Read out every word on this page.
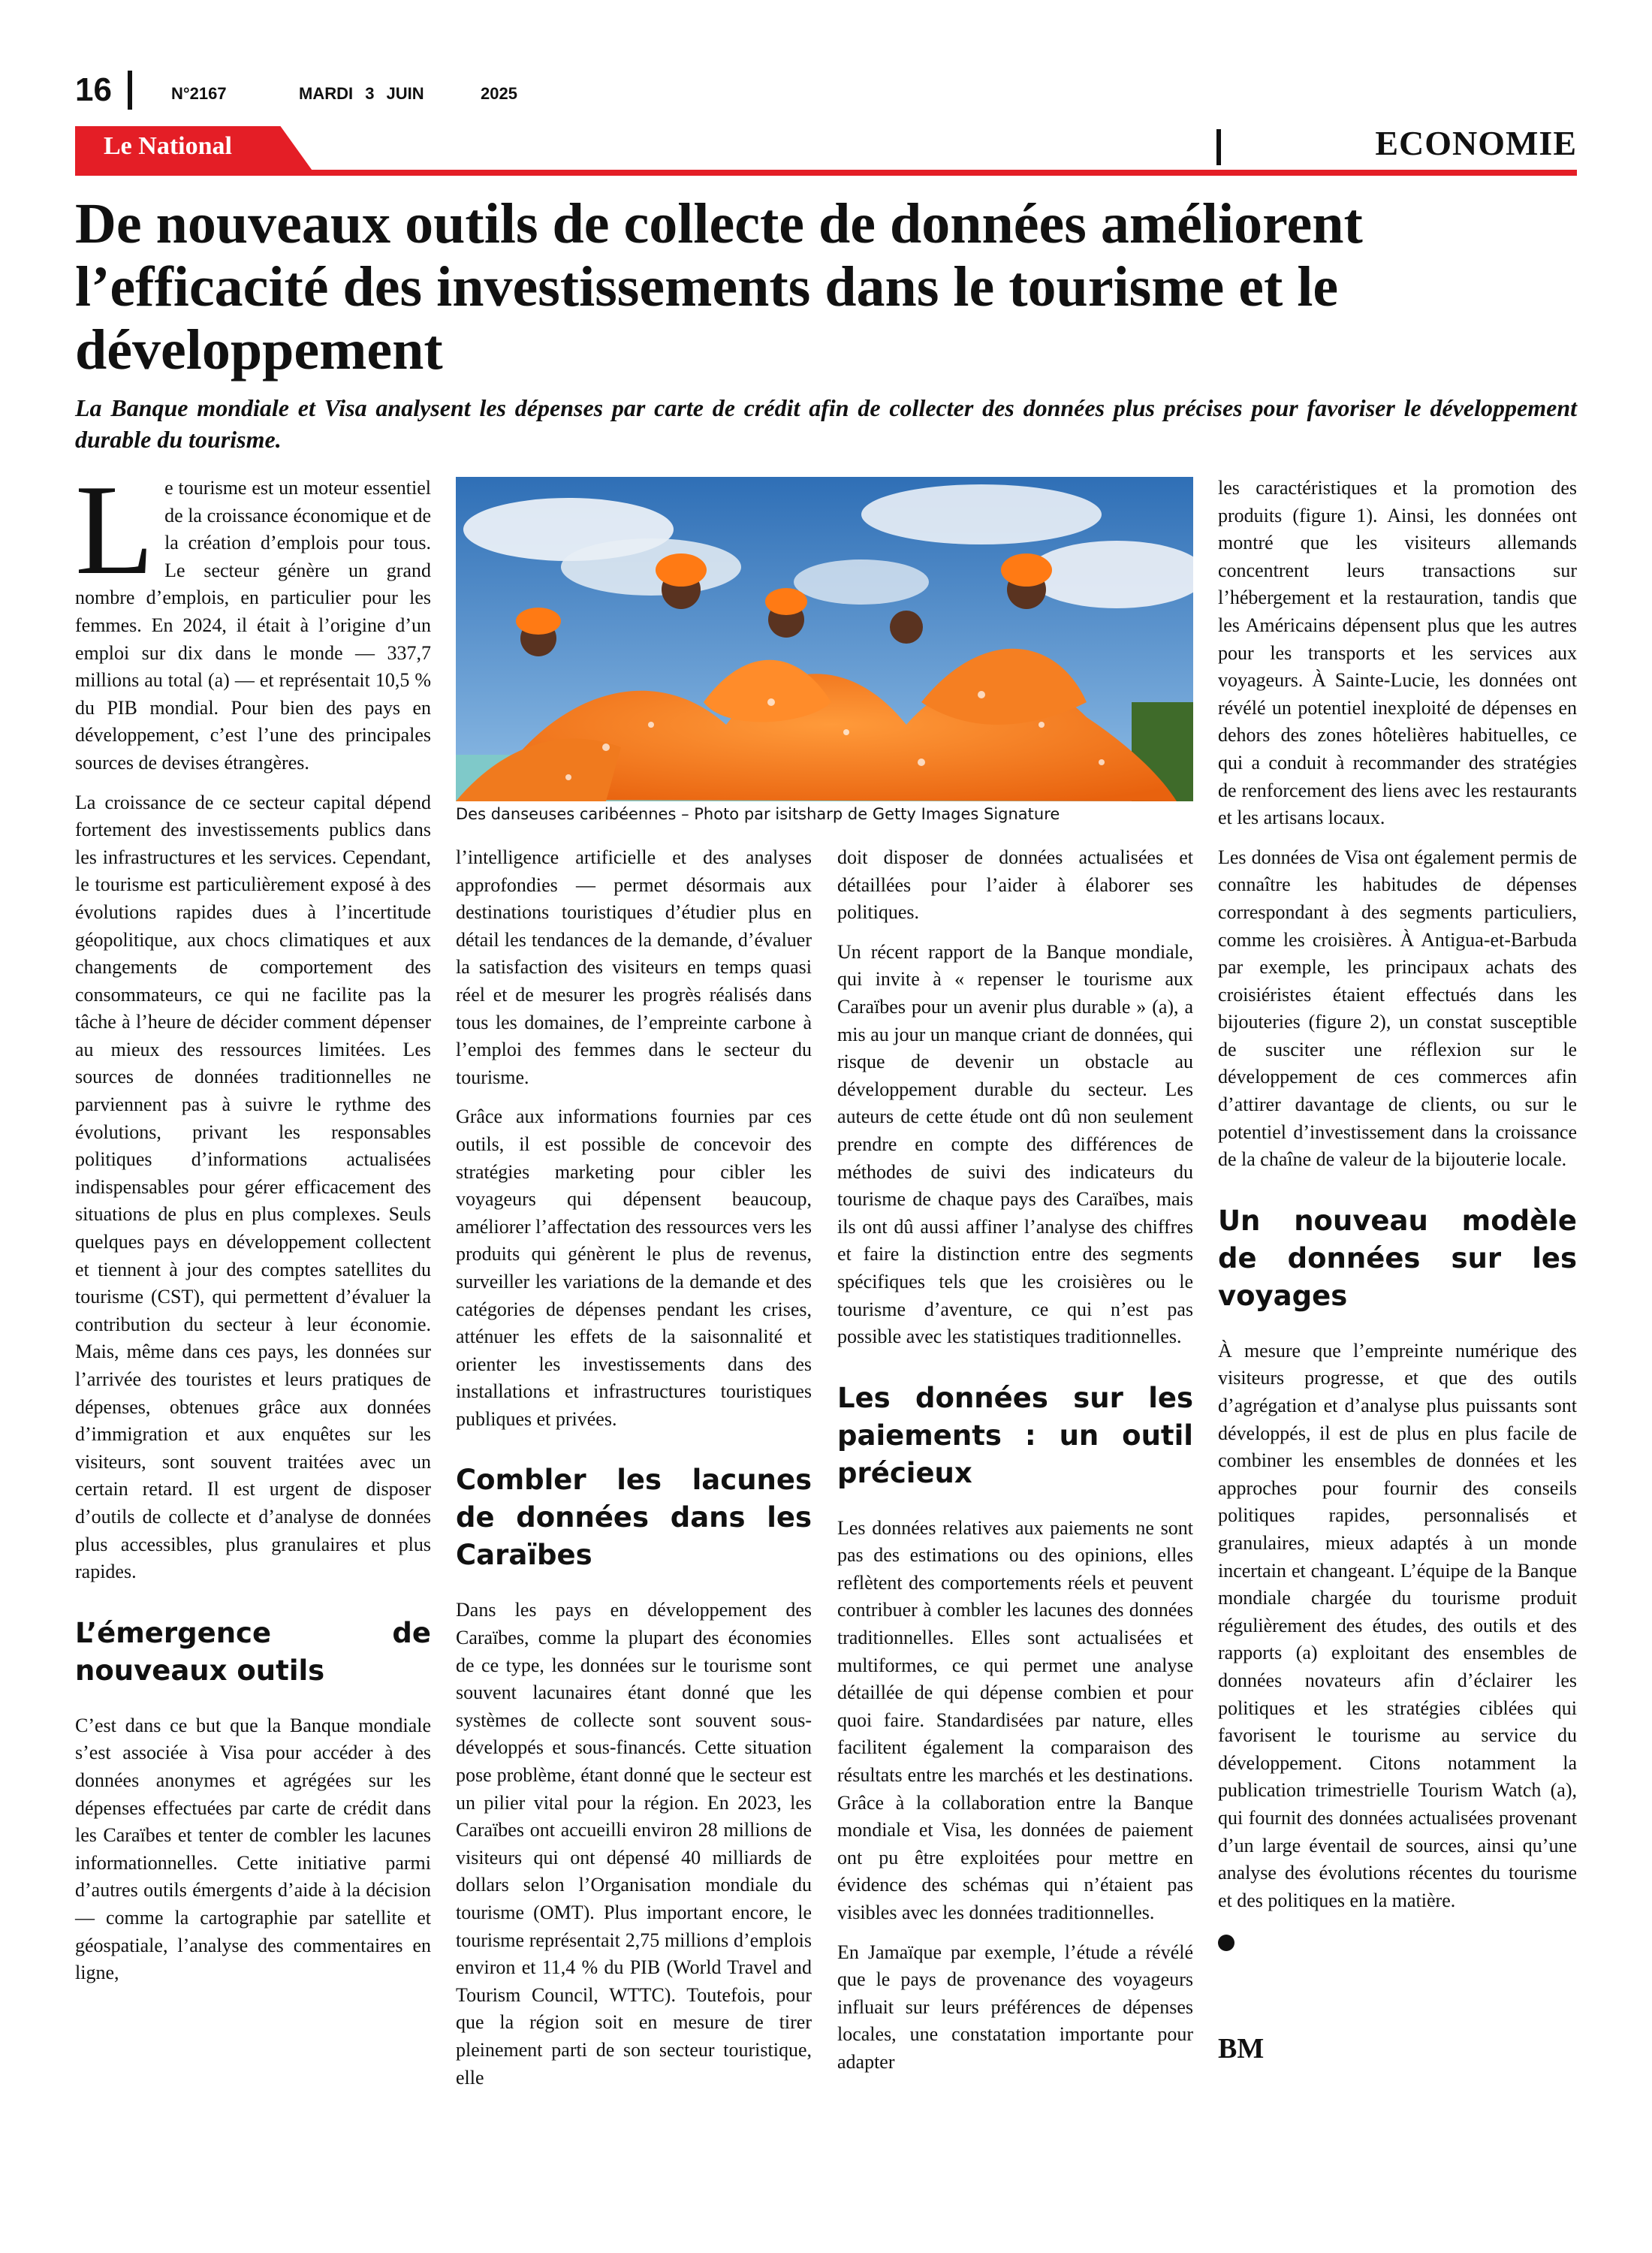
16	N°2167	MARDI 3 JUIN	2025
Le National	ECONOMIE
De nouveaux outils de collecte de données améliorent l’efficacité des investissements dans le tourisme et le développement
La Banque mondiale et Visa analysent les dépenses par carte de crédit afin de collecter des données plus précises pour favoriser le développement durable du tourisme.
Des danseuses caribéennes – Photo par isitsharp de Getty Images Signature

Le tourisme est un moteur essentiel de la croissance économique et de la création d’emplois pour tous. Le secteur génère un grand nombre d’emplois, en particulier pour les femmes. En 2024, il était à l’origine d’un emploi sur dix dans le monde — 337,7 millions au total (a) — et représentait 10,5 % du PIB mondial. Pour bien des pays en développement, c’est l’une des principales sources de devises étrangères.

La croissance de ce secteur capital dépend fortement des investissements publics dans les infrastructures et les services. Cependant, le tourisme est particulièrement exposé à des évolutions rapides dues à l’incertitude géopolitique, aux chocs climatiques et aux changements de comportement des consommateurs, ce qui ne facilite pas la tâche à l’heure de décider comment dépenser au mieux des ressources limitées. Les sources de données traditionnelles ne parviennent pas à suivre le rythme des évolutions, privant les responsables politiques d’informations actualisées indispensables pour gérer efficacement des situations de plus en plus complexes. Seuls quelques pays en développement collectent et tiennent à jour des comptes satellites du tourisme (CST), qui permettent d’évaluer la contribution du secteur à leur économie. Mais, même dans ces pays, les données sur l’arrivée des touristes et leurs pratiques de dépenses, obtenues grâce aux données d’immigration et aux enquêtes sur les visiteurs, sont souvent traitées avec un certain retard. Il est urgent de disposer d’outils de collecte et d’analyse de données plus accessibles, plus granulaires et plus rapides.

L’émergence de nouveaux outils

C’est dans ce but que la Banque mondiale s’est associée à Visa pour accéder à des données anonymes et agrégées sur les dépenses effectuées par carte de crédit dans les Caraïbes et tenter de combler les lacunes informationnelles. Cette initiative parmi d’autres outils émergents d’aide à la décision — comme la cartographie par satellite et géospatiale, l’analyse des commentaires en ligne,

l’intelligence artificielle et des analyses approfondies — permet désormais aux destinations touristiques d’étudier plus en détail les tendances de la demande, d’évaluer la satisfaction des visiteurs en temps quasi réel et de mesurer les progrès réalisés dans tous les domaines, de l’empreinte carbone à l’emploi des femmes dans le secteur du tourisme.

Grâce aux informations fournies par ces outils, il est possible de concevoir des stratégies marketing pour cibler les voyageurs qui dépensent beaucoup, améliorer l’affectation des ressources vers les produits qui génèrent le plus de revenus, surveiller les variations de la demande et des catégories de dépenses pendant les crises, atténuer les effets de la saisonnalité et orienter les investissements dans des installations et infrastructures touristiques publiques et privées.

Combler les lacunes de données dans les Caraïbes

Dans les pays en développement des Caraïbes, comme la plupart des économies de ce type, les données sur le tourisme sont souvent lacunaires étant donné que les systèmes de collecte sont souvent sous-développés et sous-financés. Cette situation pose problème, étant donné que le secteur est un pilier vital pour la région. En 2023, les Caraïbes ont accueilli environ 28 millions de visiteurs qui ont dépensé 40 milliards de dollars selon l’Organisation mondiale du tourisme (OMT). Plus important encore, le tourisme représentait 2,75 millions d’emplois environ et 11,4 % du PIB (World Travel and Tourism Council, WTTC). Toutefois, pour que la région soit en mesure de tirer pleinement parti de son secteur touristique, elle

doit disposer de données actualisées et détaillées pour l’aider à élaborer ses politiques.

Un récent rapport de la Banque mondiale, qui invite à « repenser le tourisme aux Caraïbes pour un avenir plus durable » (a), a mis au jour un manque criant de données, qui risque de devenir un obstacle au développement durable du secteur. Les auteurs de cette étude ont dû non seulement prendre en compte des différences de méthodes de suivi des indicateurs du tourisme de chaque pays des Caraïbes, mais ils ont dû aussi affiner l’analyse des chiffres et faire la distinction entre des segments spécifiques tels que les croisières ou le tourisme d’aventure, ce qui n’est pas possible avec les statistiques traditionnelles.

Les données sur les paiements : un outil précieux

Les données relatives aux paiements ne sont pas des estimations ou des opinions, elles reflètent des comportements réels et peuvent contribuer à combler les lacunes des données traditionnelles. Elles sont actualisées et multiformes, ce qui permet une analyse détaillée de qui dépense combien et pour quoi faire. Standardisées par nature, elles facilitent également la comparaison des résultats entre les marchés et les destinations. Grâce à la collaboration entre la Banque mondiale et Visa, les données de paiement ont pu être exploitées pour mettre en évidence des schémas qui n’étaient pas visibles avec les données traditionnelles.

En Jamaïque par exemple, l’étude a révélé que le pays de provenance des voyageurs influait sur leurs préférences de dépenses locales, une constatation importante pour adapter

les caractéristiques et la promotion des produits (figure 1). Ainsi, les données ont montré que les visiteurs allemands concentrent leurs transactions sur l’hébergement et la restauration, tandis que les Américains dépensent plus que les autres pour les transports et les services aux voyageurs. À Sainte-Lucie, les données ont révélé un potentiel inexploité de dépenses en dehors des zones hôtelières habituelles, ce qui a conduit à recommander des stratégies de renforcement des liens avec les restaurants et les artisans locaux.

Les données de Visa ont également permis de connaître les habitudes de dépenses correspondant à des segments particuliers, comme les croisières. À Antigua-et-Barbuda par exemple, les principaux achats des croisiéristes étaient effectués dans les bijouteries (figure 2), un constat susceptible de susciter une réflexion sur le développement de ces commerces afin d’attirer davantage de clients, ou sur le potentiel d’investissement dans la croissance de la chaîne de valeur de la bijouterie locale.

Un nouveau modèle de données sur les voyages

À mesure que l’empreinte numérique des visiteurs progresse, et que des outils d’agrégation et d’analyse plus puissants sont développés, il est de plus en plus facile de combiner les ensembles de données et les approches pour fournir des conseils politiques rapides, personnalisés et granulaires, mieux adaptés à un monde incertain et changeant. L’équipe de la Banque mondiale chargée du tourisme produit régulièrement des études, des outils et des rapports (a) exploitant des ensembles de données novateurs afin d’éclairer les politiques et les stratégies ciblées qui favorisent le tourisme au service du développement. Citons notamment la publication trimestrielle Tourism Watch (a), qui fournit des données actualisées provenant d’un large éventail de sources, ainsi qu’une analyse des évolutions récentes du tourisme et des politiques en la matière.

BM
